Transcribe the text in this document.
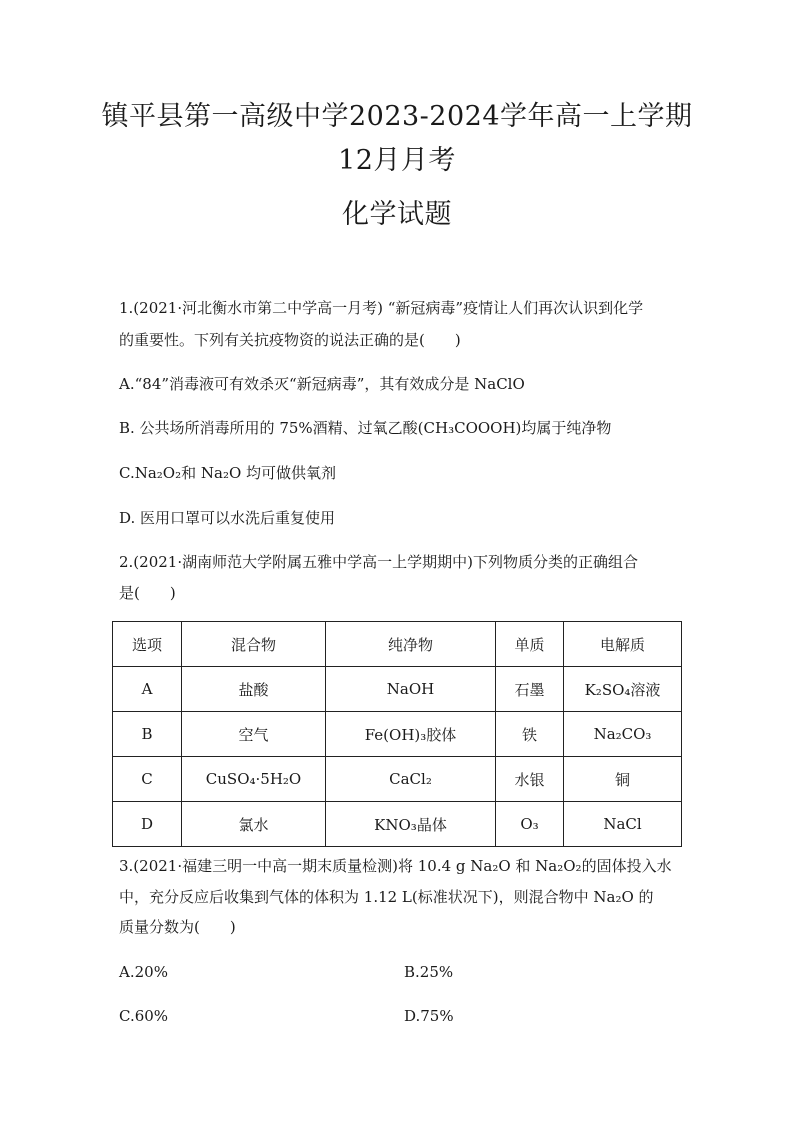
镇平县第一高级中学2023-2024学年高一上学期
12月月考
化学试题
1.(2021·河北衡水市第二中学高一月考) “新冠病毒”疫情让人们再次认识到化学
的重要性。下列有关抗疫物资的说法正确的是(　　)
A.“84”消毒液可有效杀灭“新冠病毒”，其有效成分是 NaClO
B. 公共场所消毒所用的 75%酒精、过氧乙酸(CH₃COOOH)均属于纯净物
C.Na₂O₂和 Na₂O 均可做供氧剂
D. 医用口罩可以水洗后重复使用
2.(2021·湖南师范大学附属五雅中学高一上学期期中)下列物质分类的正确组合
是(　　)
选项	混合物	纯净物	单质	电解质
A	盐酸	NaOH	石墨	K₂SO₄溶液
B	空气	Fe(OH)₃胶体	铁	Na₂CO₃
C	CuSO₄·5H₂O	CaCl₂	水银	铜
D	氯水	KNO₃晶体	O₃	NaCl
3.(2021·福建三明一中高一期末质量检测)将 10.4 g Na₂O 和 Na₂O₂的固体投入水
中，充分反应后收集到气体的体积为 1.12 L(标准状况下)，则混合物中 Na₂O 的
质量分数为(　　)
A.20%	B.25%
C.60%	D.75%
